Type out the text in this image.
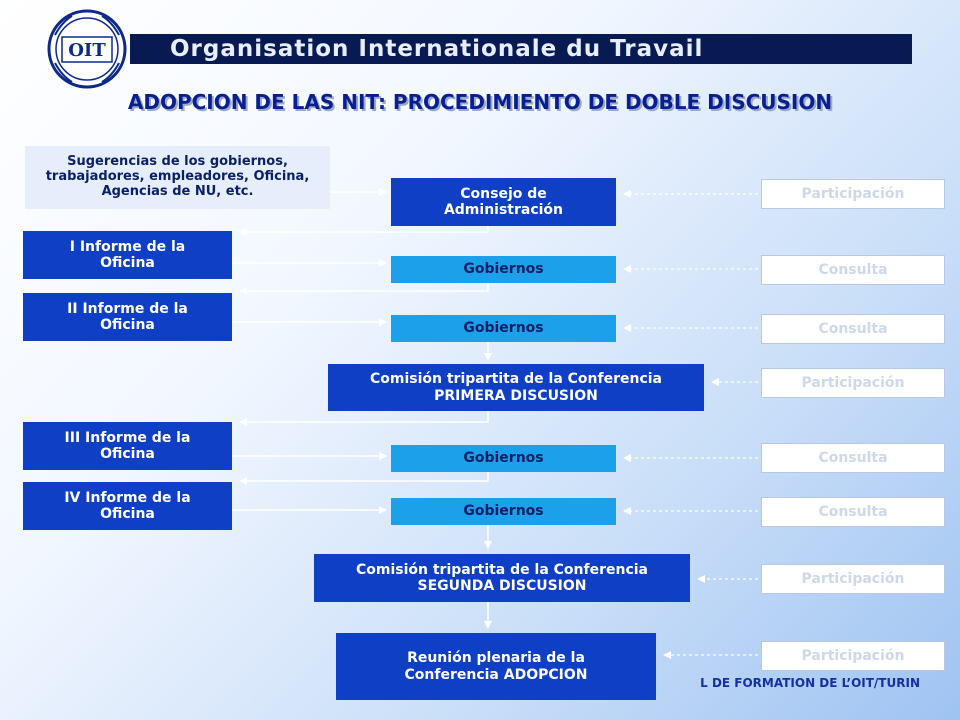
OIT	Organisation Internationale du Travail
ADOPCION DE LAS NIT: PROCEDIMIENTO DE DOBLE DISCUSION
Sugerencias de los gobiernos, trabajadores, empleadores, Oficina, Agencias de NU, etc.
I Informe de la Oficina
II Informe de la Oficina
III Informe de la Oficina
IV Informe de la Oficina
Consejo de Administración
Gobiernos
Gobiernos
Comisión tripartita de la Conferencia PRIMERA DISCUSION
Gobiernos
Gobiernos
Comisión tripartita de la Conferencia SEGUNDA DISCUSION
L DE FORMATION DE L’OIT/TURIN
Reunión plenaria de la Conferencia ADOPCION
Participación
Consulta
Consulta
Participación
Consulta
Consulta
Participación
Participación
